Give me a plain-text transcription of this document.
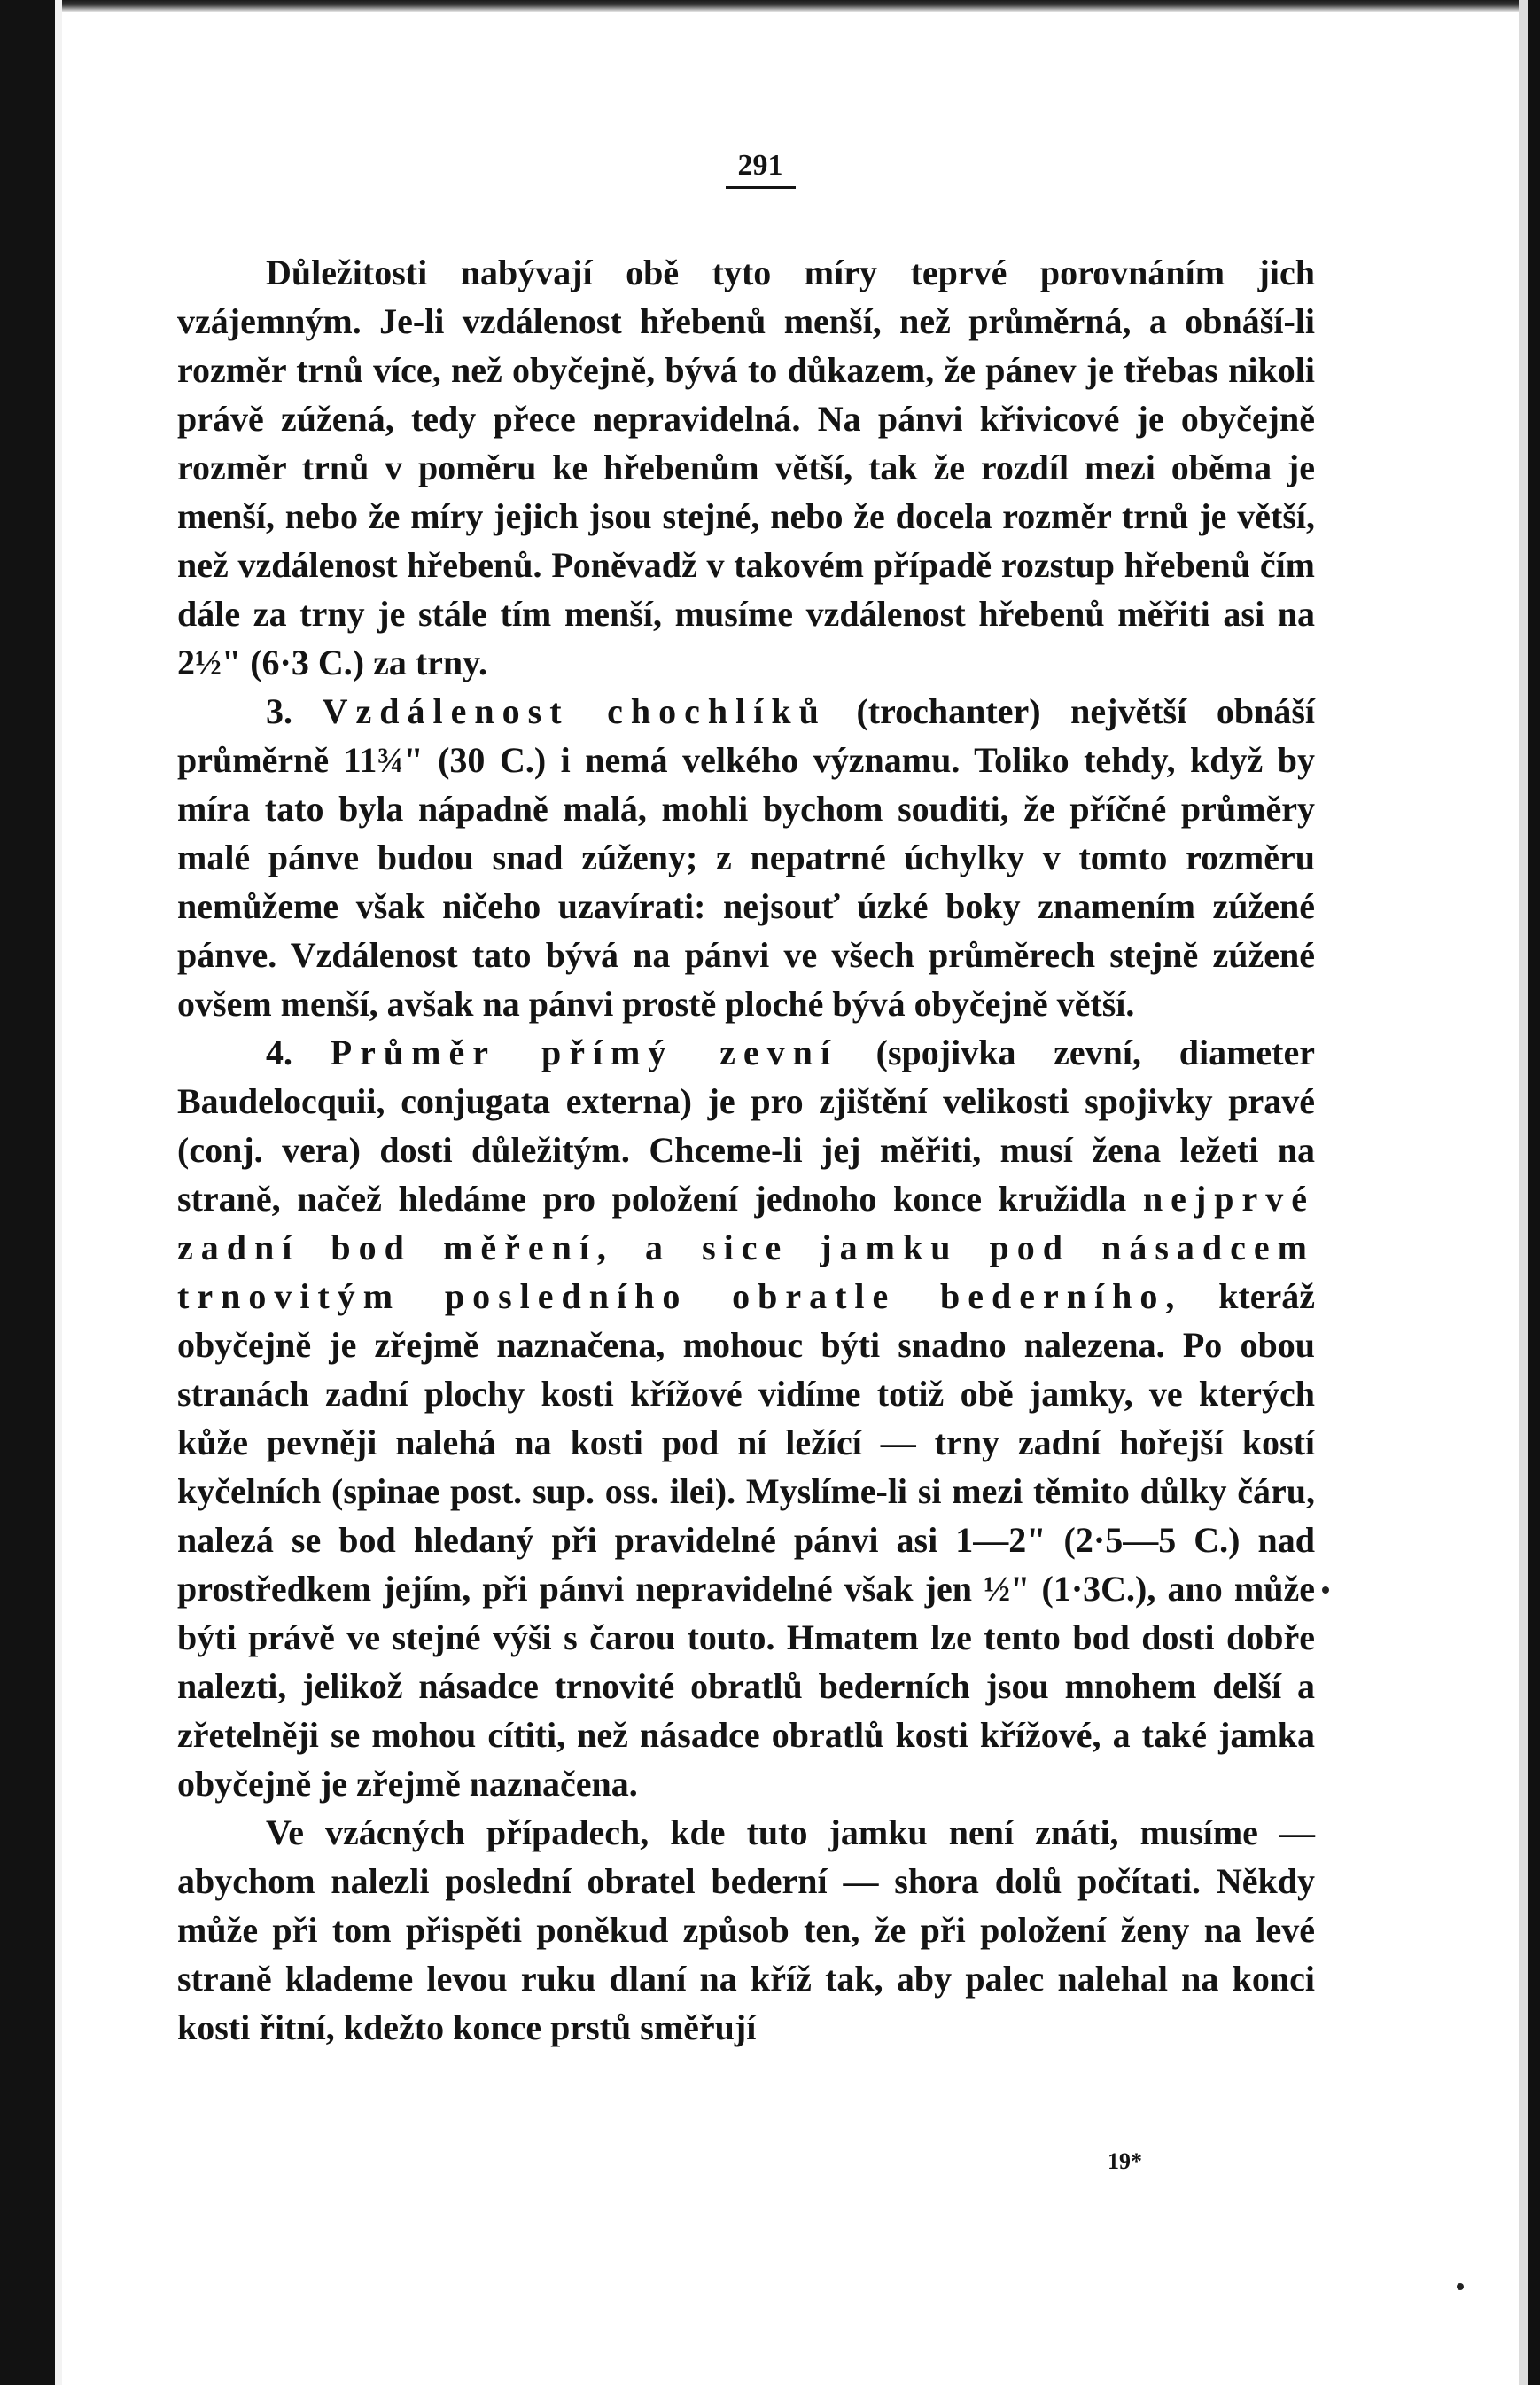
291

Důležitosti nabývají obě tyto míry teprvé porovnáním jich vzájemným. Je-li vzdálenost hřebenů menší, než průměrná, a obnáší-li rozměr trnů více, než obyčejně, bývá to důkazem, že pánev je třebas nikoli právě zúžená, tedy přece nepravidelná. Na pánvi křivicové je obyčejně rozměr trnů v poměru ke hřebenům větší, tak že rozdíl mezi oběma je menší, nebo že míry jejich jsou stejné, nebo že docela rozměr trnů je větší, než vzdálenost hřebenů. Poněvadž v takovém případě rozstup hřebenů čím dále za trny je stále tím menší, musíme vzdálenost hřebenů měřiti asi na 2½" (6·3 C.) za trny.

3. Vzdálenost chochlíků (trochanter) největší obnáší průměrně 11¾" (30 C.) i nemá velkého významu. Toliko tehdy, když by míra tato byla nápadně malá, mohli bychom souditi, že příčné průměry malé pánve budou snad zúženy; z nepatrné úchylky v tomto rozměru nemůžeme však ničeho uzavírati: nejsouť úzké boky znamením zúžené pánve. Vzdálenost tato bývá na pánvi ve všech průměrech stejně zúžené ovšem menší, avšak na pánvi prostě ploché bývá obyčejně větší.

4. Průměr přímý zevní (spojivka zevní, diameter Baudelocquii, conjugata externa) je pro zjištění velikosti spojivky pravé (conj. vera) dosti důležitým. Chceme-li jej měřiti, musí žena ležeti na straně, načež hledáme pro položení jednoho konce kružidla nejprvé zadní bod měření, a sice jamku pod násadcem trnovitým posledního obratle bederního, kteráž obyčejně je zřejmě naznačena, mohouc býti snadno nalezena. Po obou stranách zadní plochy kosti křížové vidíme totiž obě jamky, ve kterých kůže pevněji nalehá na kosti pod ní ležící — trny zadní hořejší kostí kyčelních (spinae post. sup. oss. ilei). Myslíme-li si mezi těmito důlky čáru, nalezá se bod hledaný při pravidelné pánvi asi 1—2" (2·5—5 C.) nad prostředkem jejím, při pánvi nepravidelné však jen ½" (1·3C.), ano může býti právě ve stejné výši s čarou touto. Hmatem lze tento bod dosti dobře nalezti, jelikož násadce trnovité obratlů bederních jsou mnohem delší a zřetelněji se mohou cítiti, než násadce obratlů kosti křížové, a také jamka obyčejně je zřejmě naznačena.

Ve vzácných případech, kde tuto jamku není znáti, musíme — abychom nalezli poslední obratel bederní — shora dolů počítati. Někdy může při tom přispěti poněkud způsob ten, že při položení ženy na levé straně klademe levou ruku dlaní na kříž tak, aby palec nalehal na konci kosti řitní, kdežto konce prstů směřují

19*
